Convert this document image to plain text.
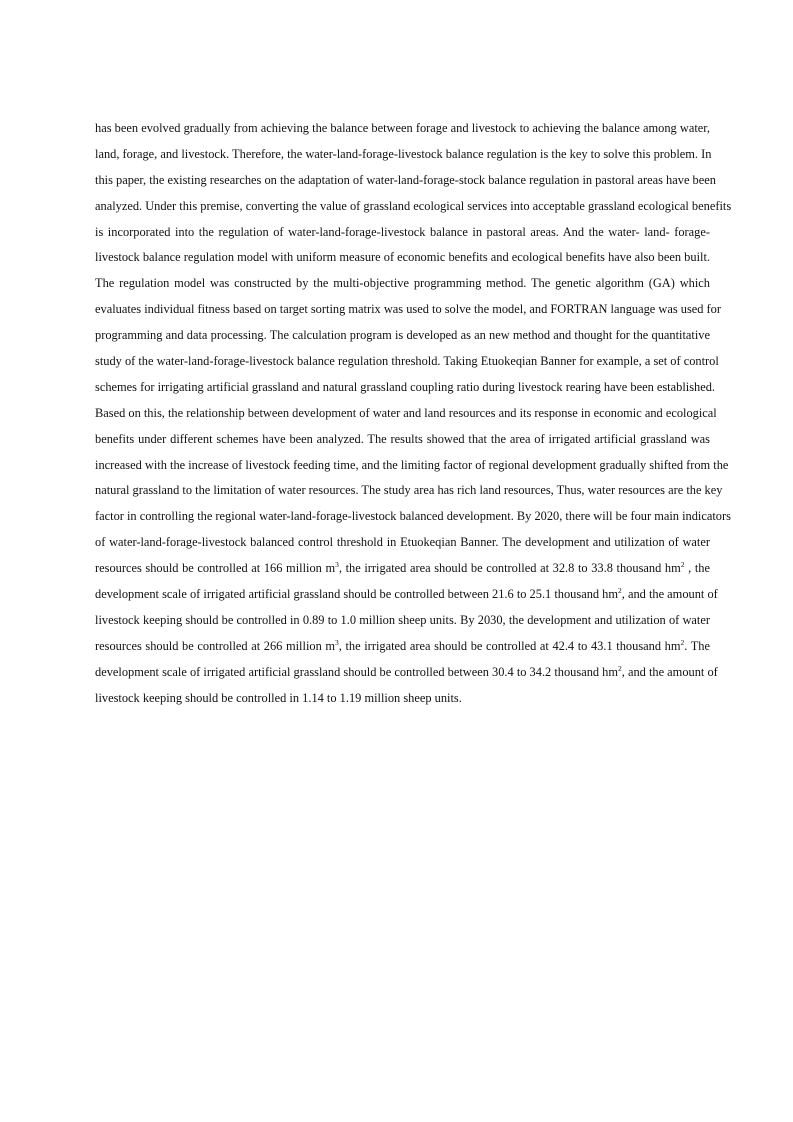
has been evolved gradually from achieving the balance between forage and livestock to achieving the balance among water,
land, forage, and livestock. Therefore, the water-land-forage-livestock balance regulation is the key to solve this problem. In
this paper, the existing researches on the adaptation of water-land-forage-stock balance regulation in pastoral areas have been
analyzed. Under this premise, converting the value of grassland ecological services into acceptable grassland ecological benefits
is incorporated into the regulation of water-land-forage-livestock balance in pastoral areas. And the water- land- forage-
livestock balance regulation model with uniform measure of economic benefits and ecological benefits have also been built.
The regulation model was constructed by the multi-objective programming method. The genetic algorithm (GA) which
evaluates individual fitness based on target sorting matrix was used to solve the model, and FORTRAN language was used for
programming and data processing. The calculation program is developed as an new method and thought for the quantitative
study of the water-land-forage-livestock balance regulation threshold. Taking Etuokeqian Banner for example, a set of control
schemes for irrigating artificial grassland and natural grassland coupling ratio during livestock rearing have been established.
Based on this, the relationship between development of water and land resources and its response in economic and ecological
benefits under different schemes have been analyzed. The results showed that the area of irrigated artificial grassland was
increased with the increase of livestock feeding time, and the limiting factor of regional development gradually shifted from the
natural grassland to the limitation of water resources. The study area has rich land resources, Thus, water resources are the key
factor in controlling the regional water-land-forage-livestock balanced development. By 2020, there will be four main indicators
of water-land-forage-livestock balanced control threshold in Etuokeqian Banner. The development and utilization of water
resources should be controlled at 166 million $m^3$, the irrigated area should be controlled at 32.8 to 33.8 thousand $hm^2$ , the
development scale of irrigated artificial grassland should be controlled between 21.6 to 25.1 thousand $hm^2$, and the amount of
livestock keeping should be controlled in 0.89 to 1.0 million sheep units. By 2030, the development and utilization of water
resources should be controlled at 266 million $m^3$, the irrigated area should be controlled at 42.4 to 43.1 thousand $hm^2$. The
development scale of irrigated artificial grassland should be controlled between 30.4 to 34.2 thousand $hm^2$, and the amount of
livestock keeping should be controlled in 1.14 to 1.19 million sheep units.
